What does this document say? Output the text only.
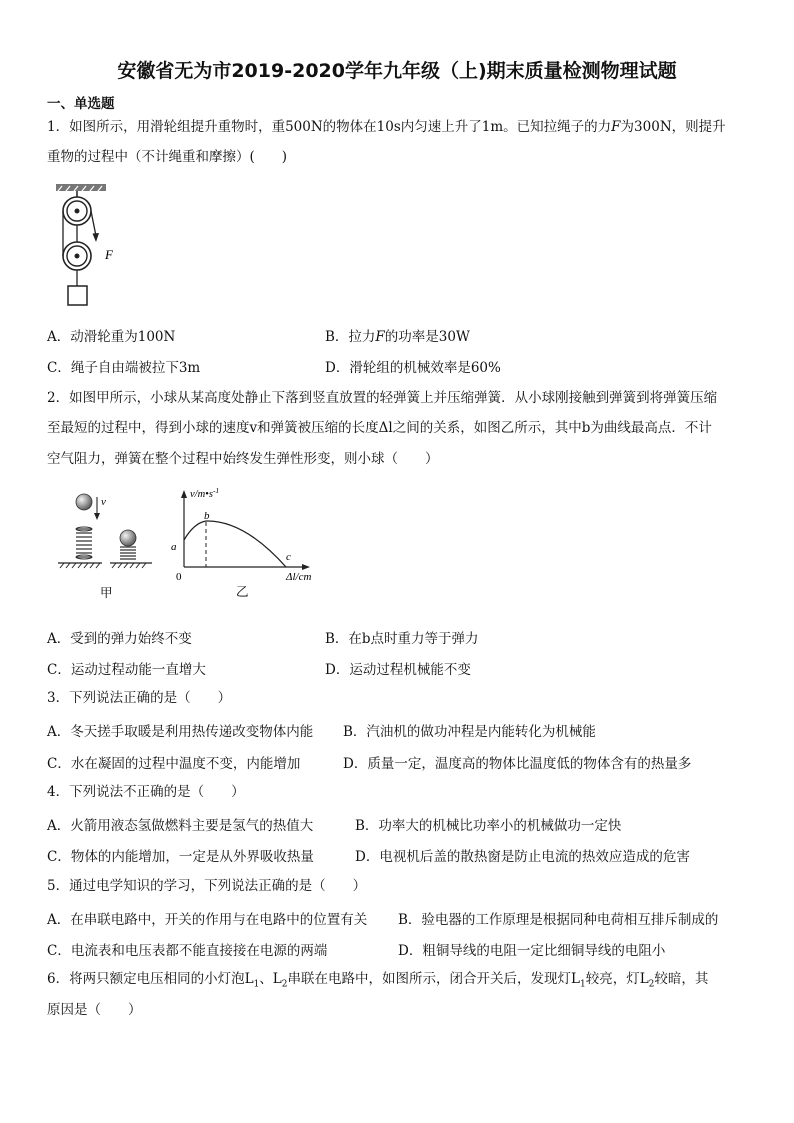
安徽省无为市2019-2020学年九年级（上)期末质量检测物理试题
一、单选题
1．如图所示，用滑轮组提升重物时，重500N的物体在10s内匀速上升了1m。已知拉绳子的力F为300N，则提升
重物的过程中（不计绳重和摩擦）(　　)
F
A．动滑轮重为100N	B．拉力F的功率是30W
C．绳子自由端被拉下3m	D．滑轮组的机械效率是60%
2．如图甲所示，小球从某高度处静止下落到竖直放置的轻弹簧上并压缩弹簧．从小球刚接触到弹簧到将弹簧压缩
至最短的过程中，得到小球的速度v和弹簧被压缩的长度Δl之间的关系，如图乙所示，其中b为曲线最高点．不计
空气阻力，弹簧在整个过程中始终发生弹性形变，则小球（　　）
v
甲
$v/m•s^{-1}$
a
b
c
0	Δl/cm
乙
A．受到的弹力始终不变	B．在b点时重力等于弹力
C．运动过程动能一直增大	D．运动过程机械能不变
3．下列说法正确的是（　　）
A．冬天搓手取暖是利用热传递改变物体内能 B．汽油机的做功冲程是内能转化为机械能
C．水在凝固的过程中温度不变，内能增加	D．质量一定，温度高的物体比温度低的物体含有的热量多
4．下列说法不正确的是（　　）
A．火箭用液态氢做燃料主要是氢气的热值大	B．功率大的机械比功率小的机械做功一定快
C．物体的内能增加，一定是从外界吸收热量	D．电视机后盖的散热窗是防止电流的热效应造成的危害
5．通过电学知识的学习，下列说法正确的是（　　）
A．在串联电路中，开关的作用与在电路中的位置有关 B．验电器的工作原理是根据同种电荷相互排斥制成的
C．电流表和电压表都不能直接接在电源的两端	D．粗铜导线的电阻一定比细铜导线的电阻小
6．将两只额定电压相同的小灯泡$L_1$、$L_2$串联在电路中，如图所示，闭合开关后，发现灯$L_1$较亮，灯$L_2$较暗，其
原因是（　　）
